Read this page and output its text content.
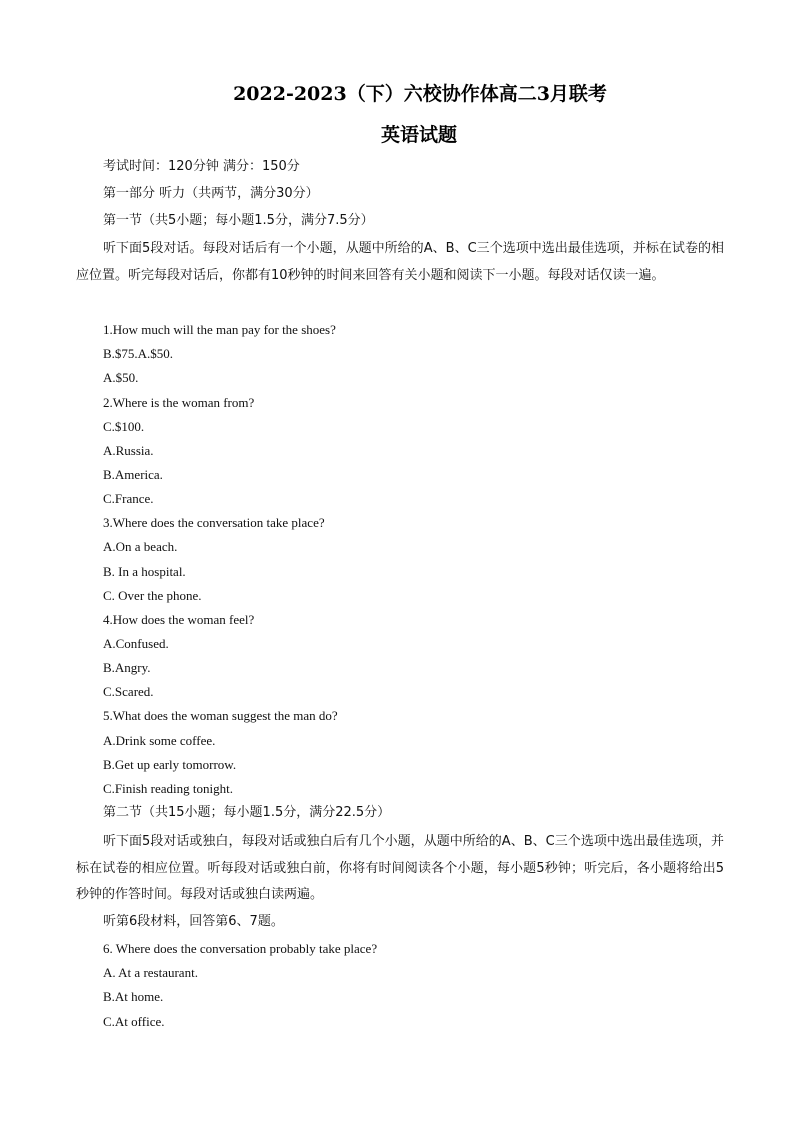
2022-2023（下）六校协作体高二3月联考
英语试题
考试时间：120分钟 满分：150分
第一部分 听力（共两节，满分30分）
第一节（共5小题；每小题1.5分，满分7.5分）
听下面5段对话。每段对话后有一个小题，从题中所给的A、B、C三个选项中选出最佳选项，并标在试卷的相应位置。听完每段对话后，你都有10秒钟的时间来回答有关小题和阅读下一小题。每段对话仅读一遍。
1.How much will the man pay for the shoes?
B.$75.A.$50.
A.$50.
2.Where is the woman from?
C.$100.
A.Russia.
B.America.
C.France.
3.Where does the conversation take place?
A.On a beach.
B. In a hospital.
C. Over the phone.
4.How does the woman feel?
A.Confused.
B.Angry.
C.Scared.
5.What does the woman suggest the man do?
A.Drink some coffee.
B.Get up early tomorrow.
C.Finish reading tonight.
第二节（共15小题；每小题1.5分，满分22.5分）
听下面5段对话或独白，每段对话或独白后有几个小题，从题中所给的A、B、C三个选项中选出最佳选项，并标在试卷的相应位置。听每段对话或独白前，你将有时间阅读各个小题，每小题5秒钟；听完后，各小题将给出5秒钟的作答时间。每段对话或独白读两遍。
听第6段材料，回答第6、7题。
6. Where does the conversation probably take place?
A. At a restaurant.
B.At home.
C.At office.
